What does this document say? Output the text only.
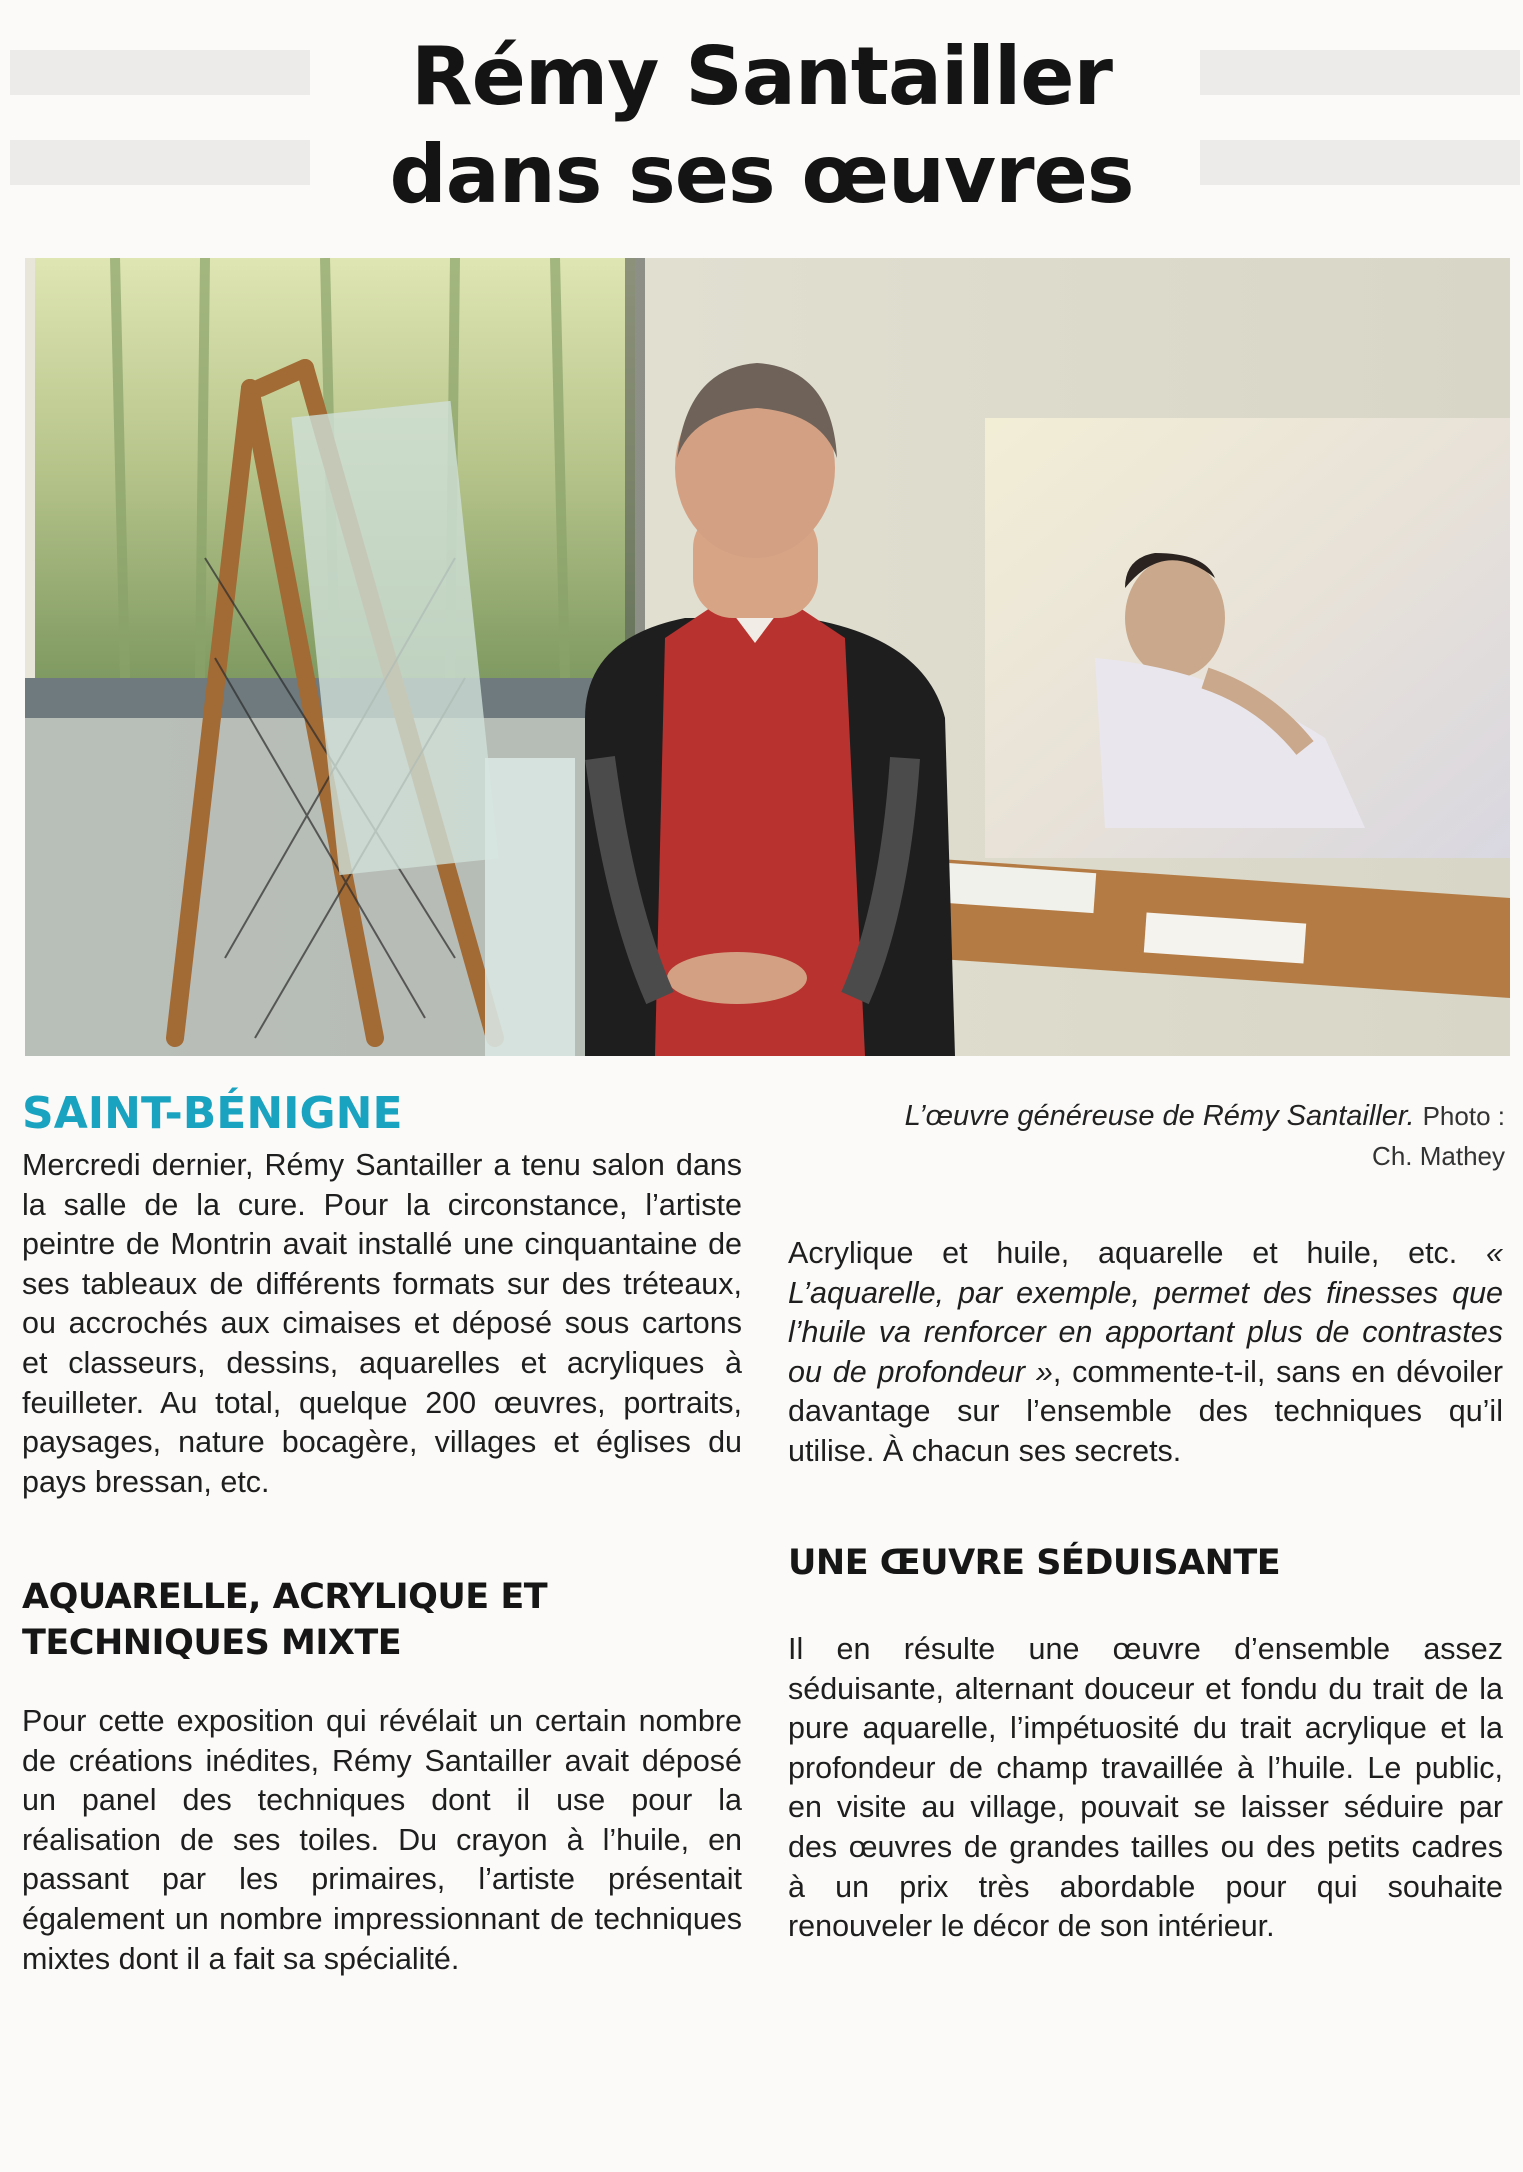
Rémy Santailler
dans ses œuvres
SAINT-BÉNIGNE	L’œuvre généreuse de Rémy Santailler. Photo :
Ch. Mathey

Mercredi dernier, Rémy Santailler a tenu salon dans la salle de la cure. Pour la circonstance, l’artiste peintre de Montrin avait installé une cinquantaine de ses tableaux de différents formats sur des tréteaux, ou accrochés aux cimaises et déposé sous cartons et classeurs, dessins, aquarelles et acryliques à feuilleter. Au total, quelque 200 œuvres, portraits, paysages, nature bocagère, villages et églises du pays bressan, etc.

AQUARELLE, ACRYLIQUE ET
TECHNIQUES MIXTE

Pour cette exposition qui révélait un certain nombre de créations inédites, Rémy Santailler avait déposé un panel des techniques dont il use pour la réalisation de ses toiles. Du crayon à l’huile, en passant par les primaires, l’artiste présentait également un nombre impressionnant de techniques mixtes dont il a fait sa spécialité.

Acrylique et huile, aquarelle et huile, etc. « L’aquarelle, par exemple, permet des finesses que l’huile va renforcer en apportant plus de contrastes ou de profondeur », commente-t-il, sans en dévoiler davantage sur l’ensemble des techniques qu’il utilise. À chacun ses secrets.

UNE ŒUVRE SÉDUISANTE

Il en résulte une œuvre d’ensemble assez séduisante, alternant douceur et fondu du trait de la pure aquarelle, l’impétuosité du trait acrylique et la profondeur de champ travaillée à l’huile. Le public, en visite au village, pouvait se laisser séduire par des œuvres de grandes tailles ou des petits cadres à un prix très abordable pour qui souhaite renouveler le décor de son intérieur.
